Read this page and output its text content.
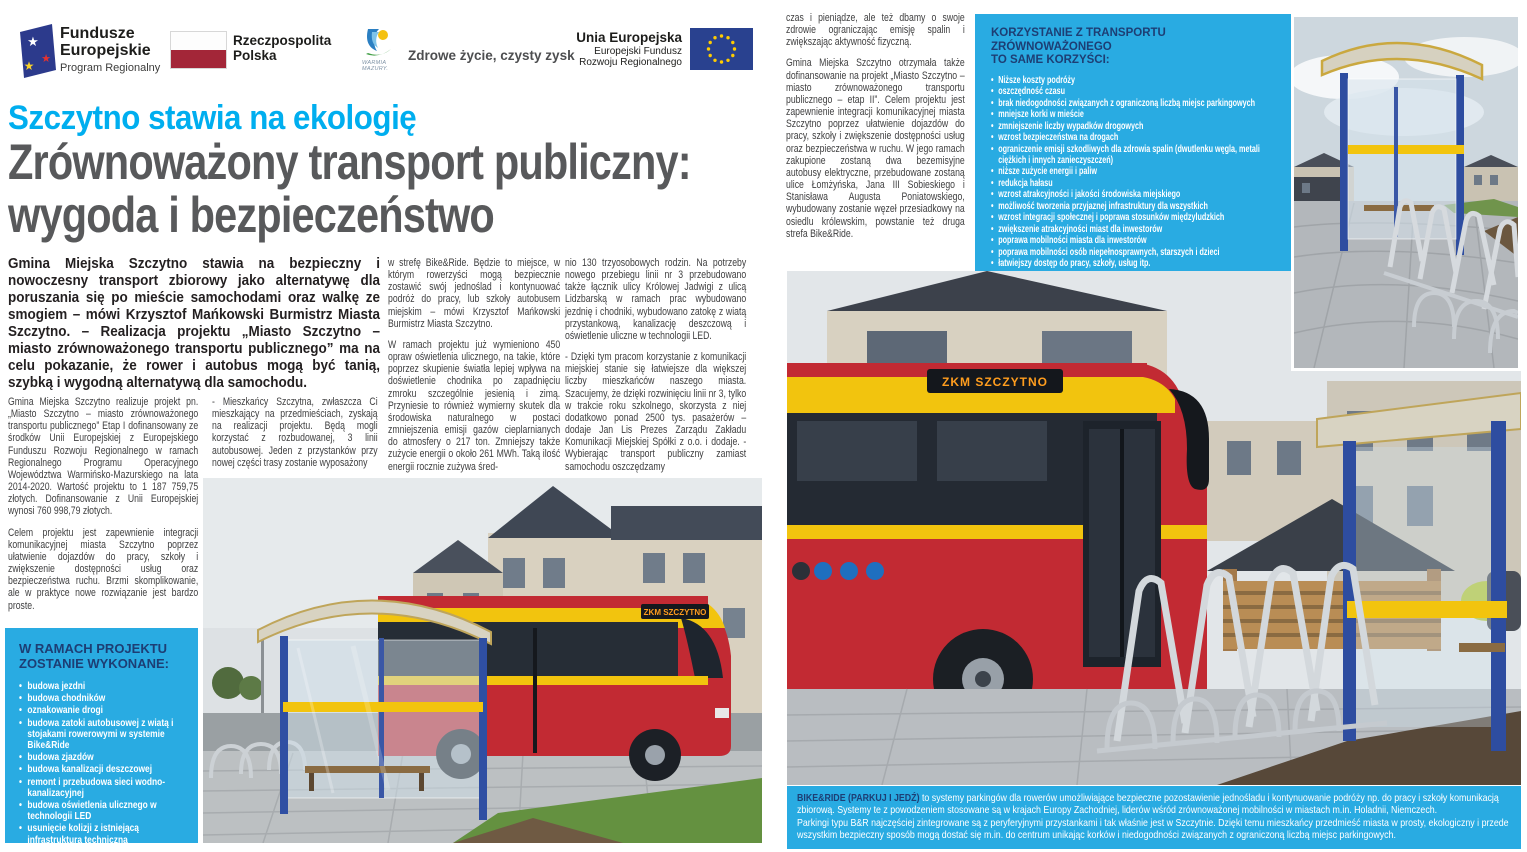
★
★
★
Fundusze
Europejskie
Program Regionalny
Rzeczpospolita
Polska
WARMIA
MAZURY.
Zdrowe życie, czysty zysk
Unia Europejska
Europejski Fundusz
Rozwoju Regionalnego
Szczytno stawia na ekologię
Zrównoważony transport publiczny:
wygoda i bezpieczeństwo

Gmina Miejska Szczytno stawia na bezpieczny i nowoczesny transport zbiorowy jako alternatywę dla poruszania się po mieście samochodami oraz walkę ze smogiem – mówi Krzysztof Mańkowski Burmistrz Miasta Szczytno. – Realizacja projektu „Miasto Szczytno – miasto zrównoważonego transportu publicznego” ma na celu pokazanie, że rower i autobus mogą być tanią, szybką i wygodną alternatywą dla samochodu.

Gmina Miejska Szczytno realizuje projekt pn. „Miasto Szczytno – miasto zrównoważonego transportu publicznego” Etap I dofinansowany ze środków Unii Europejskiej z Europejskiego Funduszu Rozwoju Regionalnego w ramach Regionalnego Programu Operacyjnego Województwa Warmińsko-Mazurskiego na lata 2014-2020. Wartość projektu to 1 187 759,75 złotych. Dofinansowanie z Unii Europejskiej wynosi 760 998,79 złotych.

Celem projektu jest zapewnienie integracji komunikacyjnej miasta Szczytno poprzez ułatwienie dojazdów do pracy, szkoły i zwiększenie dostępności usług oraz bezpieczeństwa ruchu. Brzmi skomplikowanie, ale w praktyce nowe rozwiązanie jest bardzo proste.

- Mieszkańcy Szczytna, zwłaszcza Ci mieszkający na przedmieściach, zyskają na realizacji projektu. Będą mogli korzystać z rozbudowanej, 3 linii autobusowej. Jeden z przystanków przy nowej części trasy zostanie wyposażony

w strefę Bike&Ride. Będzie to miejsce, w którym rowerzyści mogą bezpiecznie zostawić swój jednoślad i kontynuować podróż do pracy, lub szkoły autobusem miejskim – mówi Krzysztof Mańkowski Burmistrz Miasta Szczytno.

W ramach projektu już wymieniono 450 opraw oświetlenia ulicznego, na takie, które poprzez skupienie światła lepiej wpływa na doświetlenie chodnika po zapadnięciu zmroku szczególnie jesienią i zimą. Przyniesie to również wymierny skutek dla środowiska naturalnego w postaci zmniejszenia emisji gazów cieplarnianych do atmosfery o 217 ton. Zmniejszy także zużycie energii o około 261 MWh. Taką ilość energii rocznie zużywa śred-

nio 130 trzyosobowych rodzin. Na potrzeby nowego przebiegu linii nr 3 przebudowano także łącznik ulicy Królowej Jadwigi z ulicą Lidzbarską w ramach prac wybudowano jezdnię i chodniki, wybudowano zatokę z wiatą przystankową, kanalizację deszczową i oświetlenie uliczne w technologii LED.

- Dzięki tym pracom korzystanie z komunikacji miejskiej stanie się łatwiejsze dla większej liczby mieszkańców naszego miasta. Szacujemy, że dzięki rozwinięciu linii nr 3, tylko w trakcie roku szkolnego, skorzysta z niej dodatkowo ponad 2500 tys. pasażerów – dodaje Jan Lis Prezes Zarządu Zakładu Komunikacji Miejskiej Spółki z o.o. i dodaje. - Wybierając transport publiczny zamiast samochodu oszczędzamy

czas i pieniądze, ale też dbamy o swoje zdrowie ograniczając emisję spalin i zwiększając aktywność fizyczną.

Gmina Miejska Szczytno otrzymała także dofinansowanie na projekt „Miasto Szczytno – miasto zrównoważonego transportu publicznego – etap II”. Celem projektu jest zapewnienie integracji komunikacyjnej miasta Szczytno poprzez ułatwienie dojazdów do pracy, szkoły i zwiększenie dostępności usług oraz bezpieczeństwa w ruchu. W jego ramach zakupione zostaną dwa bezemisyjne autobusy elektryczne, przebudowane zostaną ulice Łomżyńska, Jana III Sobieskiego i Stanisława Augusta Poniatowskiego, wybudowany zostanie węzeł przesiadkowy na osiedlu królewskim, powstanie też druga strefa Bike&Ride.

W RAMACH PROJEKTU
ZOSTANIE WYKONANE:

• budowa jezdni
• budowa chodników
• oznakowanie drogi
• budowa zatoki autobusowej z wiatą i stojakami rowerowymi w systemie Bike&Ride
• budowa zjazdów
• budowa kanalizacji deszczowej
• remont i przebudowa sieci wodno-kanalizacyjnej
• budowa oświetlenia ulicznego w technologii LED
• usunięcie kolizji z istniejącą infrastrukturą techniczną

KORZYSTANIE Z TRANSPORTU ZRÓWNOWAŻONEGO
TO SAME KORZYŚCI:

• Niższe koszty podróży
• oszczędność czasu
• brak niedogodności związanych z ograniczoną liczbą miejsc parkingowych
• mniejsze korki w mieście
• zmniejszenie liczby wypadków drogowych
• wzrost bezpieczeństwa na drogach
• ograniczenie emisji szkodliwych dla zdrowia spalin (dwutlenku węgla, metali ciężkich i innych zanieczyszczeń)
• niższe zużycie energii i paliw
• redukcja hałasu
• wzrost atrakcyjności i jakości środowiska miejskiego
• możliwość tworzenia przyjaznej infrastruktury dla wszystkich
• wzrost integracji społecznej i poprawa stosunków międzyludzkich
• zwiększenie atrakcyjności miast dla inwestorów
• poprawa mobilności miasta dla inwestorów
• poprawa mobilności osób niepełnosprawnych, starszych i dzieci
• łatwiejszy dostęp do pracy, szkoły, usług itp.
ZKM SZCZYTNO
ZKM SZCZYTNO

BIKE&RIDE (PARKUJ I JEDŹ) to systemy parkingów dla rowerów umożliwiające bezpieczne pozostawienie jednośladu i kontynuowanie podróży np. do pracy i szkoły komunikacją zbiorową. Systemy te z powodzeniem stosowane są w krajach Europy Zachodniej, liderów wśród zrównoważonej mobilności w miastach m.in. Holadnii, Niemczech.

Parkingi typu B&R najczęściej zintegrowane są z peryferyjnymi przystankami i tak właśnie jest w Szczytnie. Dzięki temu mieszkańcy przedmieść miasta w prosty, ekologiczny i przede wszystkim bezpieczny sposób mogą dostać się m.in. do centrum unikając korków i niedogodności związanych z ograniczoną liczbą miejsc parkingowych.
